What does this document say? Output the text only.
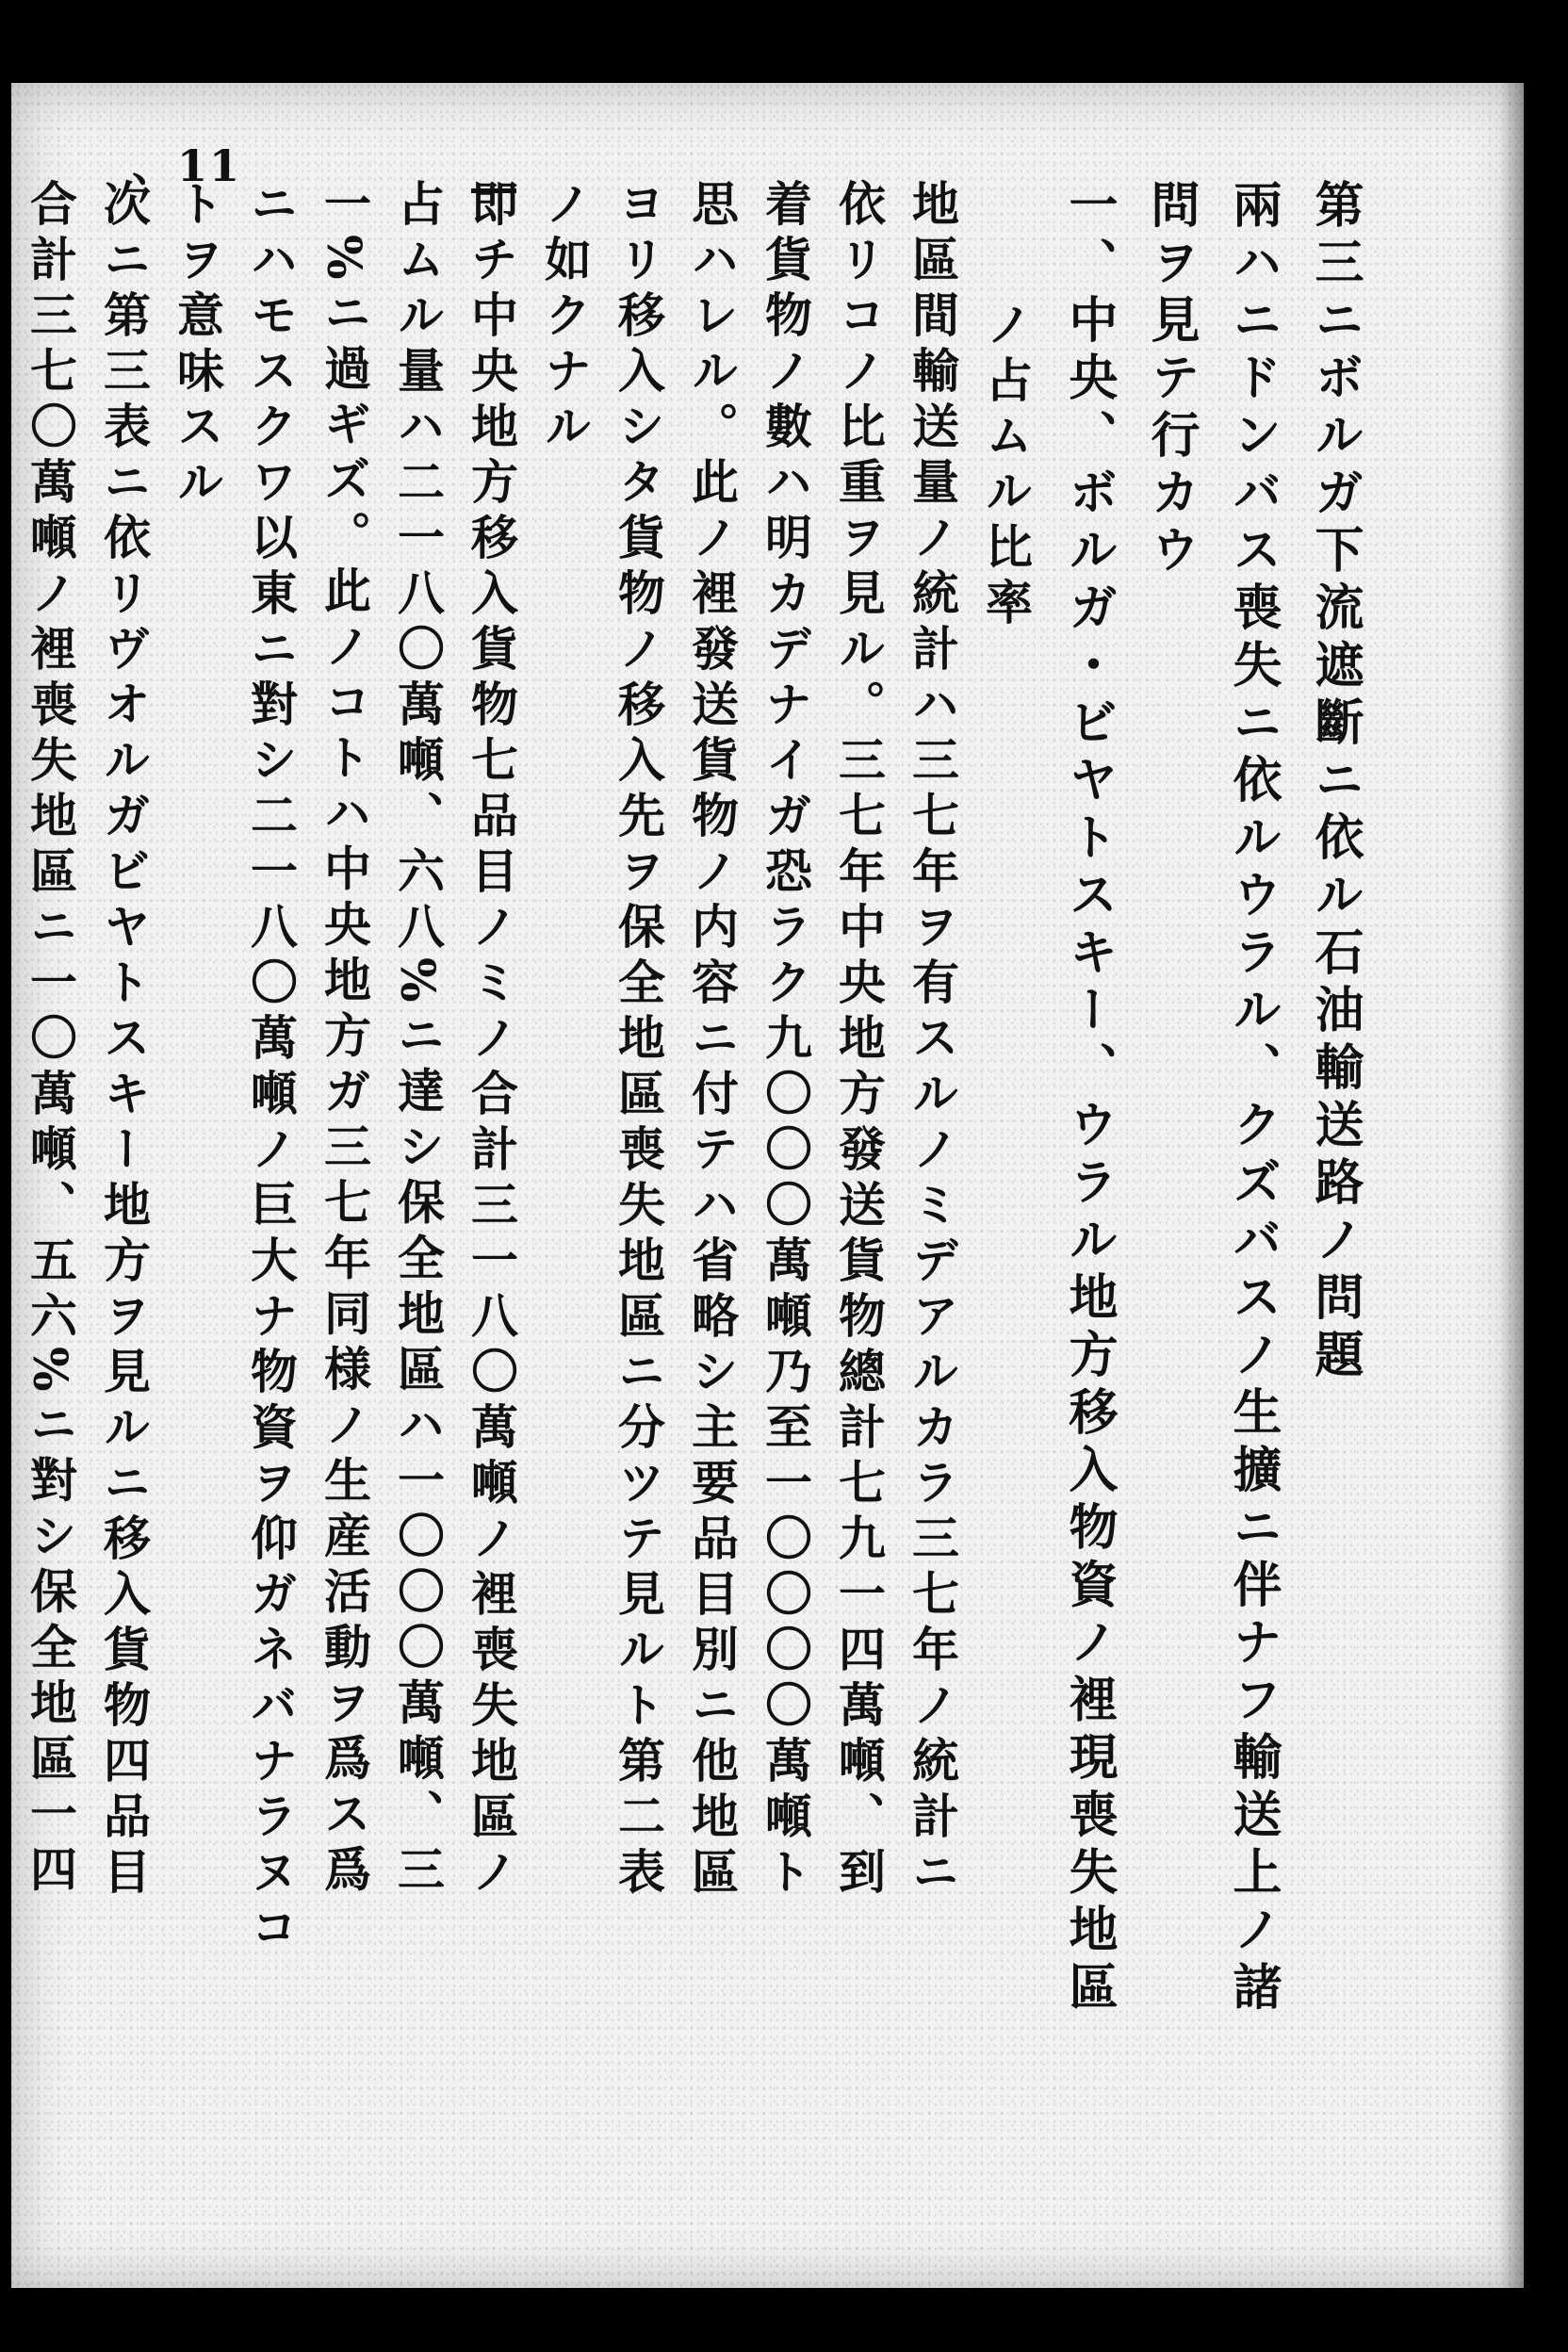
、11
第三ニボルガ下流遮斷ニ依ル石油輸送路ノ問題
兩ハニドンバス喪失ニ依ルウラル、クズバスノ生擴ニ伴ナフ輸送上ノ諸
問ヲ見テ行カウ
一、中央、ボルガ・ビヤトスキー、ウラル地方移入物資ノ裡現喪失地區
ノ占ムル比率
地區間輸送量ノ統計ハ三七年ヲ有スルノミデアルカラ三七年ノ統計ニ
依リコノ比重ヲ見ル。三七年中央地方發送貨物總計七九一四萬噸、到
着貨物ノ數ハ明カデナイガ恐ラク九〇〇〇萬噸乃至一〇〇〇〇萬噸ト
思ハレル。此ノ裡發送貨物ノ内容ニ付テハ省略シ主要品目別ニ他地區
ヨリ移入シタ貨物ノ移入先ヲ保全地區喪失地區ニ分ツテ見ルト第二表
ノ如クナル
即チ中央地方移入貨物七品目ノミノ合計三一八〇萬噸ノ裡喪失地區ノ
占ムル量ハ二一八〇萬噸、六八%ニ達シ保全地區ハ一〇〇〇萬噸、三
一%ニ過ギズ。此ノコトハ中央地方ガ三七年同様ノ生産活動ヲ爲ス爲
ニハモスクワ以東ニ對シ二一八〇萬噸ノ巨大ナ物資ヲ仰ガネバナラヌコ
トヲ意味スル
次ニ第三表ニ依リヴオルガビヤトスキー地方ヲ見ルニ移入貨物四品目
合計三七〇萬噸ノ裡喪失地區ニ一〇萬噸、五六%ニ對シ保全地區一四
